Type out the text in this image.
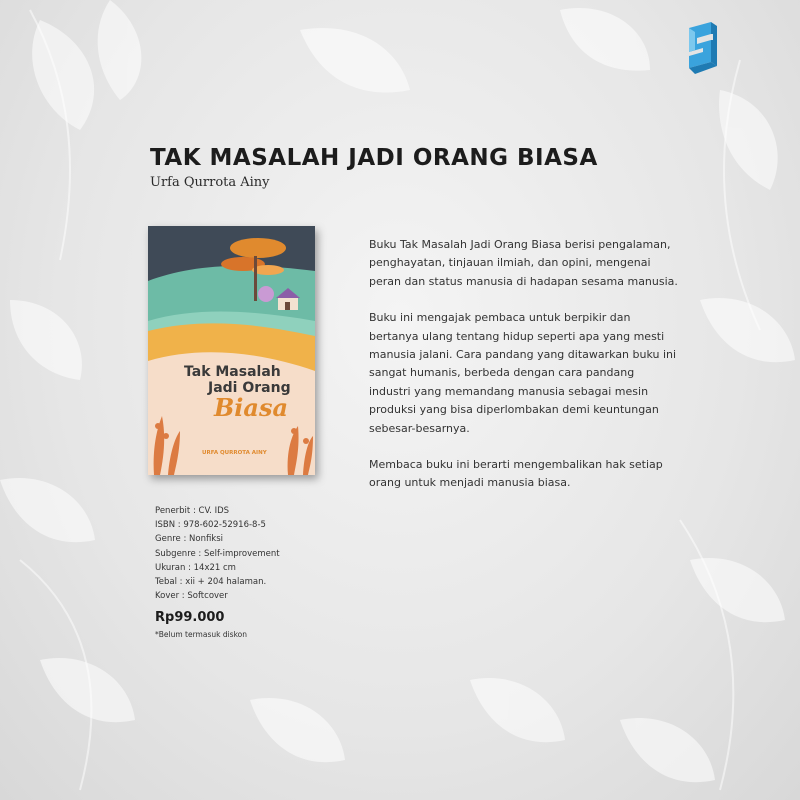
TAK MASALAH JADI ORANG BIASA
Urfa Qurrota Ainy
Tak Masalah
Jadi Orang
Biasa
URFA QURROTA AINY

Buku Tak Masalah Jadi Orang Biasa berisi pengalaman, penghayatan, tinjauan ilmiah, dan opini, mengenai peran dan status manusia di hadapan sesama manusia.

Buku ini mengajak pembaca untuk berpikir dan bertanya ulang tentang hidup seperti apa yang mesti manusia jalani. Cara pandang yang ditawarkan buku ini sangat humanis, berbeda dengan cara pandang industri yang memandang manusia sebagai mesin produksi yang bisa diperlombakan demi keuntungan sebesar-besarnya.

Membaca buku ini berarti mengembalikan hak setiap orang untuk menjadi manusia biasa.

Penerbit : CV. IDS
ISBN : 978-602-52916-8-5
Genre : Nonfiksi
Subgenre : Self-improvement
Ukuran : 14x21 cm
Tebal : xii + 204 halaman.
Kover : Softcover
Rp99.000
*Belum termasuk diskon
